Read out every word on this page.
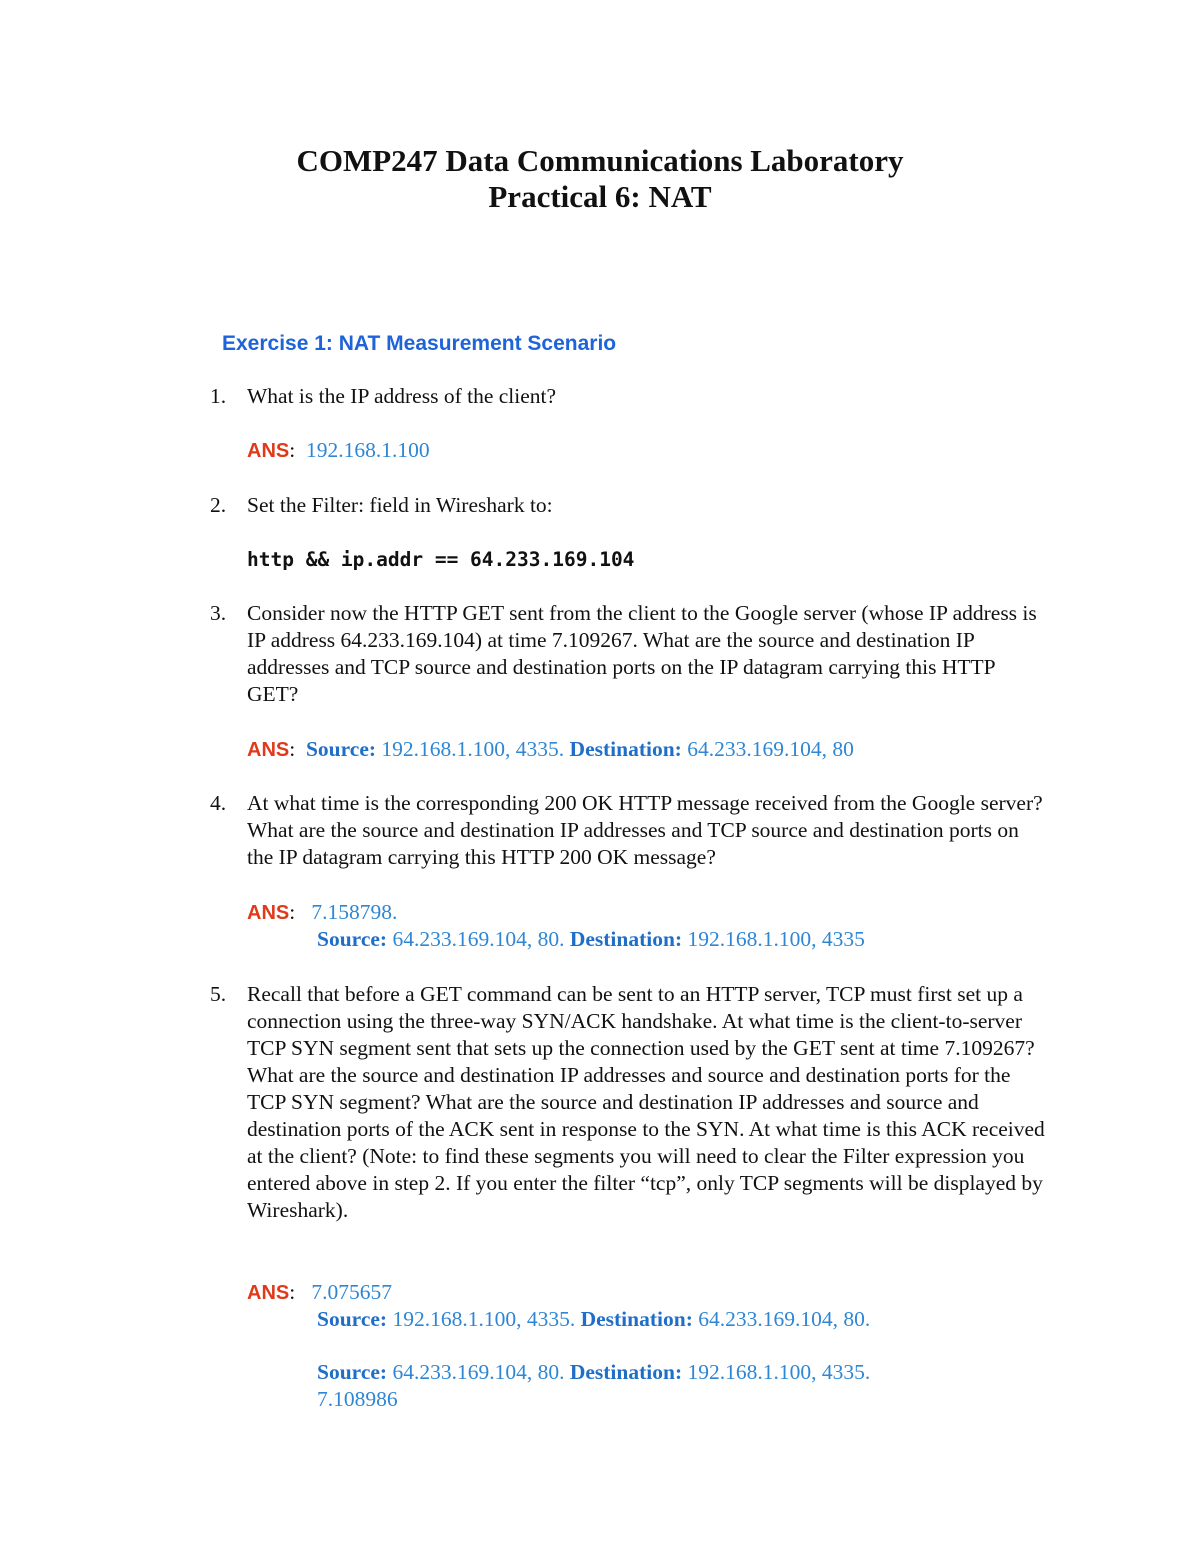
COMP247 Data Communications Laboratory
Practical 6: NAT
Exercise 1: NAT Measurement Scenario
1. What is the IP address of the client?

ANS: 192.168.1.100
2. Set the Filter: field in Wireshark to:

http && ip.addr == 64.233.169.104
3. Consider now the HTTP GET sent from the client to the Google server (whose IP address is IP address 64.233.169.104) at time 7.109267. What are the source and destination IP addresses and TCP source and destination ports on the IP datagram carrying this HTTP GET?

ANS: Source: 192.168.1.100, 4335. Destination: 64.233.169.104, 80
4. At what time is the corresponding 200 OK HTTP message received from the Google server? What are the source and destination IP addresses and TCP source and destination ports on the IP datagram carrying this HTTP 200 OK message?

ANS: 7.158798.
Source: 64.233.169.104, 80. Destination: 192.168.1.100, 4335
5. Recall that before a GET command can be sent to an HTTP server, TCP must first set up a connection using the three-way SYN/ACK handshake. At what time is the client-to-server TCP SYN segment sent that sets up the connection used by the GET sent at time 7.109267? What are the source and destination IP addresses and source and destination ports for the TCP SYN segment? What are the source and destination IP addresses and source and destination ports of the ACK sent in response to the SYN. At what time is this ACK received at the client? (Note: to find these segments you will need to clear the Filter expression you entered above in step 2. If you enter the filter “tcp”, only TCP segments will be displayed by Wireshark).

ANS: 7.075657
Source: 192.168.1.100, 4335. Destination: 64.233.169.104, 80.
Source: 64.233.169.104, 80. Destination: 192.168.1.100, 4335.
7.108986
